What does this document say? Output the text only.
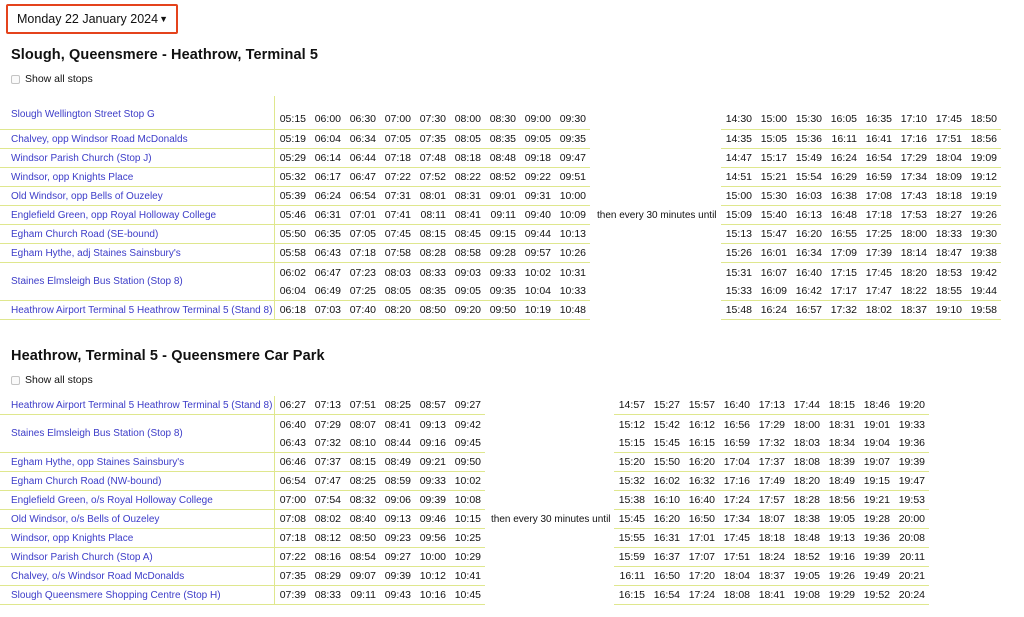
Monday 22 January 2024 ▼
Slough, Queensmere - Heathrow, Terminal 5
Show all stops
Slough Wellington Street Stop G
Chalvey, opp Windsor Road McDonalds
Windsor Parish Church (Stop J)
Windsor, opp Knights Place
Old Windsor, opp Bells of Ouzeley
Englefield Green, opp Royal Holloway College
Egham Church Road (SE-bound)
Egham Hythe, adj Staines Sainsbury's
Staines Elmsleigh Bus Station (Stop 8)
Heathrow Airport Terminal 5 Heathrow Terminal 5 (Stand 8)
05:15 06:00 06:30 07:00 07:30 08:00 08:30 09:00 09:30
05:19 06:04 06:34 07:05 07:35 08:05 08:35 09:05 09:35
05:29 06:14 06:44 07:18 07:48 08:18 08:48 09:18 09:47
05:32 06:17 06:47 07:22 07:52 08:22 08:52 09:22 09:51
05:39 06:24 06:54 07:31 08:01 08:31 09:01 09:31 10:00
05:46 06:31 07:01 07:41 08:11 08:41 09:11 09:40 10:09
05:50 06:35 07:05 07:45 08:15 08:45 09:15 09:44 10:13
05:58 06:43 07:18 07:58 08:28 08:58 09:28 09:57 10:26
06:02 06:47 07:23 08:03 08:33 09:03 09:33 10:02 10:31
06:04 06:49 07:25 08:05 08:35 09:05 09:35 10:04 10:33
06:18 07:03 07:40 08:20 08:50 09:20 09:50 10:19 10:48
14:30 15:00 15:30 16:05 16:35 17:10 17:45 18:50
14:35 15:05 15:36 16:11 16:41 17:16 17:51 18:56
14:47 15:17 15:49 16:24 16:54 17:29 18:04 19:09
14:51 15:21 15:54 16:29 16:59 17:34 18:09 19:12
15:00 15:30 16:03 16:38 17:08 17:43 18:18 19:19
15:09 15:40 16:13 16:48 17:18 17:53 18:27 19:26
15:13 15:47 16:20 16:55 17:25 18:00 18:33 19:30
15:26 16:01 16:34 17:09 17:39 18:14 18:47 19:38
15:31 16:07 16:40 17:15 17:45 18:20 18:53 19:42
15:33 16:09 16:42 17:17 17:47 18:22 18:55 19:44
15:48 16:24 16:57 17:32 18:02 18:37 19:10 19:58
then every 30 minutes until
Heathrow, Terminal 5 - Queensmere Car Park
Show all stops
Heathrow Airport Terminal 5 Heathrow Terminal 5 (Stand 8)
Staines Elmsleigh Bus Station (Stop 8)
Egham Hythe, opp Staines Sainsbury's
Egham Church Road (NW-bound)
Englefield Green, o/s Royal Holloway College
Old Windsor, o/s Bells of Ouzeley
Windsor, opp Knights Place
Windsor Parish Church (Stop A)
Chalvey, o/s Windsor Road McDonalds
Slough Queensmere Shopping Centre (Stop H)
06:27 07:13 07:51 08:25 08:57 09:27
06:40 07:29 08:07 08:41 09:13 09:42
06:43 07:32 08:10 08:44 09:16 09:45
06:46 07:37 08:15 08:49 09:21 09:50
06:54 07:47 08:25 08:59 09:33 10:02
07:00 07:54 08:32 09:06 09:39 10:08
07:08 08:02 08:40 09:13 09:46 10:15
07:18 08:12 08:50 09:23 09:56 10:25
07:22 08:16 08:54 09:27 10:00 10:29
07:35 08:29 09:07 09:39 10:12 10:41
07:39 08:33 09:11 09:43 10:16 10:45
14:57 15:27 15:57 16:40 17:13 17:44 18:15 18:46 19:20
15:12 15:42 16:12 16:56 17:29 18:00 18:31 19:01 19:33
15:15 15:45 16:15 16:59 17:32 18:03 18:34 19:04 19:36
15:20 15:50 16:20 17:04 17:37 18:08 18:39 19:07 19:39
15:32 16:02 16:32 17:16 17:49 18:20 18:49 19:15 19:47
15:38 16:10 16:40 17:24 17:57 18:28 18:56 19:21 19:53
15:45 16:20 16:50 17:34 18:07 18:38 19:05 19:28 20:00
15:55 16:31 17:01 17:45 18:18 18:48 19:13 19:36 20:08
15:59 16:37 17:07 17:51 18:24 18:52 19:16 19:39 20:11
16:11 16:50 17:20 18:04 18:37 19:05 19:26 19:49 20:21
16:15 16:54 17:24 18:08 18:41 19:08 19:29 19:52 20:24
then every 30 minutes until
